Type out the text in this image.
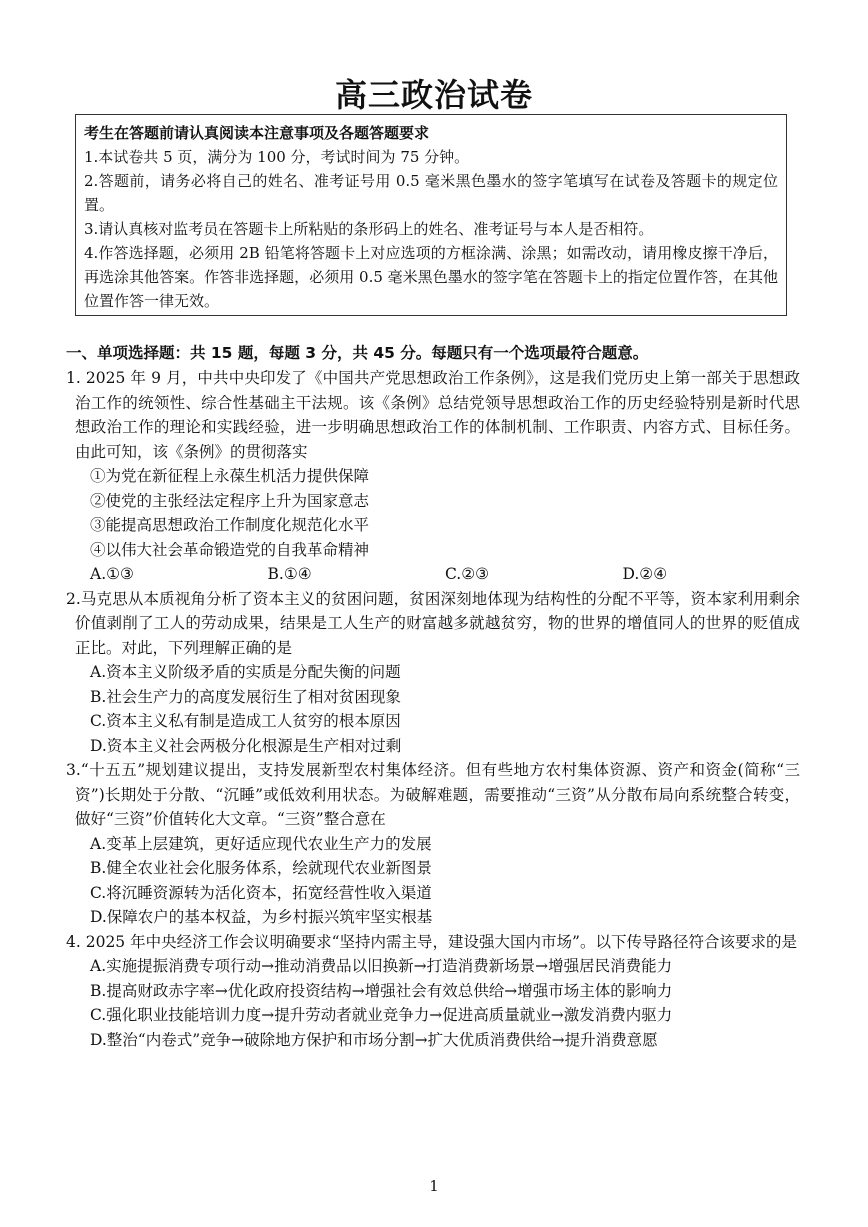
高三政治试卷

考生在答题前请认真阅读本注意事项及各题答题要求

1.本试卷共 5 页，满分为 100 分，考试时间为 75 分钟。

2.答题前，请务必将自己的姓名、准考证号用 0.5 毫米黑色墨水的签字笔填写在试卷及答题卡的规定位置。

3.请认真核对监考员在答题卡上所粘贴的条形码上的姓名、准考证号与本人是否相符。

4.作答选择题，必须用 2B 铅笔将答题卡上对应选项的方框涂满、涂黑；如需改动，请用橡皮擦干净后，再选涂其他答案。作答非选择题，必须用 0.5 毫米黑色墨水的签字笔在答题卡上的指定位置作答，在其他位置作答一律无效。

一、单项选择题：共 15 题，每题 3 分，共 45 分。每题只有一个选项最符合题意。

1. 2025 年 9 月，中共中央印发了《中国共产党思想政治工作条例》，这是我们党历史上第一部关于思想政治工作的统领性、综合性基础主干法规。该《条例》总结党领导思想政治工作的历史经验特别是新时代思想政治工作的理论和实践经验，进一步明确思想政治工作的体制机制、工作职责、内容方式、目标任务。由此可知，该《条例》的贯彻落实

①为党在新征程上永葆生机活力提供保障

②使党的主张经法定程序上升为国家意志

③能提高思想政治工作制度化规范化水平

④以伟大社会革命锻造党的自我革命精神

A.①③	B.①④	C.②③	D.②④

2.马克思从本质视角分析了资本主义的贫困问题，贫困深刻地体现为结构性的分配不平等，资本家利用剩余价值剥削了工人的劳动成果，结果是工人生产的财富越多就越贫穷，物的世界的增值同人的世界的贬值成正比。对此，下列理解正确的是

A.资本主义阶级矛盾的实质是分配失衡的问题

B.社会生产力的高度发展衍生了相对贫困现象

C.资本主义私有制是造成工人贫穷的根本原因

D.资本主义社会两极分化根源是生产相对过剩

3.“十五五”规划建议提出，支持发展新型农村集体经济。但有些地方农村集体资源、资产和资金(简称“三资”)长期处于分散、“沉睡”或低效利用状态。为破解难题，需要推动“三资”从分散布局向系统整合转变，做好“三资”价值转化大文章。“三资”整合意在

A.变革上层建筑，更好适应现代农业生产力的发展

B.健全农业社会化服务体系，绘就现代农业新图景

C.将沉睡资源转为活化资本，拓宽经营性收入渠道

D.保障农户的基本权益，为乡村振兴筑牢坚实根基

4. 2025 年中央经济工作会议明确要求“坚持内需主导，建设强大国内市场”。以下传导路径符合该要求的是

A.实施提振消费专项行动→推动消费品以旧换新→打造消费新场景→增强居民消费能力

B.提高财政赤字率→优化政府投资结构→增强社会有效总供给→增强市场主体的影响力

C.强化职业技能培训力度→提升劳动者就业竞争力→促进高质量就业→激发消费内驱力

D.整治“内卷式”竞争→破除地方保护和市场分割→扩大优质消费供给→提升消费意愿

1
